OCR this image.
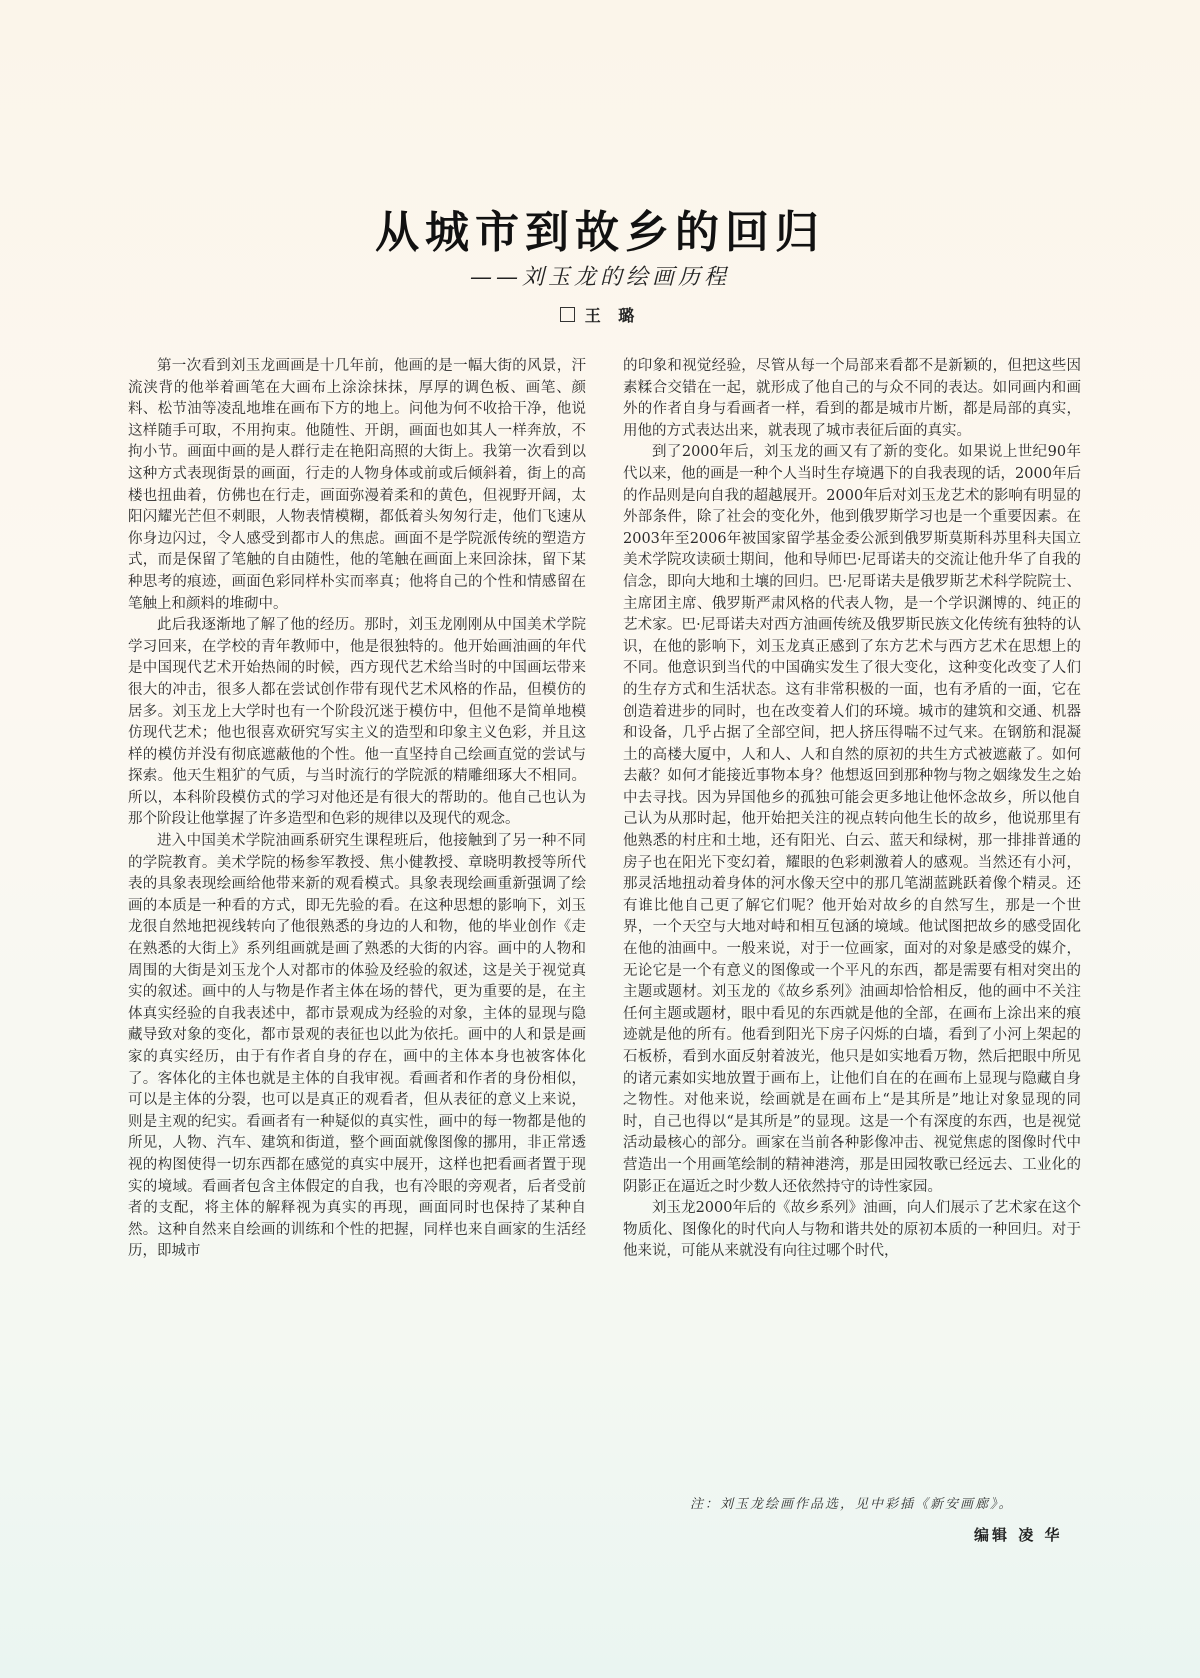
从城市到故乡的回归
——刘玉龙的绘画历程
王 璐

第一次看到刘玉龙画画是十几年前，他画的是一幅大街的风景，汗流浃背的他举着画笔在大画布上涂涂抹抹，厚厚的调色板、画笔、颜料、松节油等凌乱地堆在画布下方的地上。问他为何不收拾干净，他说这样随手可取，不用拘束。他随性、开朗，画面也如其人一样奔放，不拘小节。画面中画的是人群行走在艳阳高照的大街上。我第一次看到以这种方式表现街景的画面，行走的人物身体或前或后倾斜着，街上的高楼也扭曲着，仿佛也在行走，画面弥漫着柔和的黄色，但视野开阔，太阳闪耀光芒但不刺眼，人物表情模糊，都低着头匆匆行走，他们飞速从你身边闪过，令人感受到都市人的焦虑。画面不是学院派传统的塑造方式，而是保留了笔触的自由随性，他的笔触在画面上来回涂抹，留下某种思考的痕迹，画面色彩同样朴实而率真；他将自己的个性和情感留在笔触上和颜料的堆砌中。

此后我逐渐地了解了他的经历。那时，刘玉龙刚刚从中国美术学院学习回来，在学校的青年教师中，他是很独特的。他开始画油画的年代是中国现代艺术开始热闹的时候，西方现代艺术给当时的中国画坛带来很大的冲击，很多人都在尝试创作带有现代艺术风格的作品，但模仿的居多。刘玉龙上大学时也有一个阶段沉迷于模仿中，但他不是简单地模仿现代艺术；他也很喜欢研究写实主义的造型和印象主义色彩，并且这样的模仿并没有彻底遮蔽他的个性。他一直坚持自己绘画直觉的尝试与探索。他天生粗犷的气质，与当时流行的学院派的精雕细琢大不相同。所以，本科阶段模仿式的学习对他还是有很大的帮助的。他自己也认为那个阶段让他掌握了许多造型和色彩的规律以及现代的观念。

进入中国美术学院油画系研究生课程班后，他接触到了另一种不同的学院教育。美术学院的杨参军教授、焦小健教授、章晓明教授等所代表的具象表现绘画给他带来新的观看模式。具象表现绘画重新强调了绘画的本质是一种看的方式，即无先验的看。在这种思想的影响下，刘玉龙很自然地把视线转向了他很熟悉的身边的人和物，他的毕业创作《走在熟悉的大街上》系列组画就是画了熟悉的大街的内容。画中的人物和周围的大街是刘玉龙个人对都市的体验及经验的叙述，这是关于视觉真实的叙述。画中的人与物是作者主体在场的替代，更为重要的是，在主体真实经验的自我表述中，都市景观成为经验的对象，主体的显现与隐藏导致对象的变化，都市景观的表征也以此为依托。画中的人和景是画家的真实经历，由于有作者自身的存在，画中的主体本身也被客体化了。客体化的主体也就是主体的自我审视。看画者和作者的身份相似，可以是主体的分裂，也可以是真正的观看者，但从表征的意义上来说，则是主观的纪实。看画者有一种疑似的真实性，画中的每一物都是他的所见，人物、汽车、建筑和街道，整个画面就像图像的挪用，非正常透视的构图使得一切东西都在感觉的真实中展开，这样也把看画者置于现实的境域。看画者包含主体假定的自我，也有冷眼的旁观者，后者受前者的支配，将主体的解释视为真实的再现，画面同时也保持了某种自然。这种自然来自绘画的训练和个性的把握，同样也来自画家的生活经历，即城市

的印象和视觉经验，尽管从每一个局部来看都不是新颖的，但把这些因素糅合交错在一起，就形成了他自己的与众不同的表达。如同画内和画外的作者自身与看画者一样，看到的都是城市片断，都是局部的真实，用他的方式表达出来，就表现了城市表征后面的真实。

到了2000年后，刘玉龙的画又有了新的变化。如果说上世纪90年代以来，他的画是一种个人当时生存境遇下的自我表现的话，2000年后的作品则是向自我的超越展开。2000年后对刘玉龙艺术的影响有明显的外部条件，除了社会的变化外，他到俄罗斯学习也是一个重要因素。在2003年至2006年被国家留学基金委公派到俄罗斯莫斯科苏里科夫国立美术学院攻读硕士期间，他和导师巴·尼哥诺夫的交流让他升华了自我的信念，即向大地和土壤的回归。巴·尼哥诺夫是俄罗斯艺术科学院院士、主席团主席、俄罗斯严肃风格的代表人物，是一个学识渊博的、纯正的艺术家。巴·尼哥诺夫对西方油画传统及俄罗斯民族文化传统有独特的认识，在他的影响下，刘玉龙真正感到了东方艺术与西方艺术在思想上的不同。他意识到当代的中国确实发生了很大变化，这种变化改变了人们的生存方式和生活状态。这有非常积极的一面，也有矛盾的一面，它在创造着进步的同时，也在改变着人们的环境。城市的建筑和交通、机器和设备，几乎占据了全部空间，把人挤压得喘不过气来。在钢筋和混凝土的高楼大厦中，人和人、人和自然的原初的共生方式被遮蔽了。如何去蔽？如何才能接近事物本身？他想返回到那种物与物之姻缘发生之始中去寻找。因为异国他乡的孤独可能会更多地让他怀念故乡，所以他自己认为从那时起，他开始把关注的视点转向他生长的故乡，他说那里有他熟悉的村庄和土地，还有阳光、白云、蓝天和绿树，那一排排普通的房子也在阳光下变幻着，耀眼的色彩刺激着人的感观。当然还有小河，那灵活地扭动着身体的河水像天空中的那几笔湖蓝跳跃着像个精灵。还有谁比他自己更了解它们呢？他开始对故乡的自然写生，那是一个世界，一个天空与大地对峙和相互包涵的境域。他试图把故乡的感受固化在他的油画中。一般来说，对于一位画家，面对的对象是感受的媒介，无论它是一个有意义的图像或一个平凡的东西，都是需要有相对突出的主题或题材。刘玉龙的《故乡系列》油画却恰恰相反，他的画中不关注任何主题或题材，眼中看见的东西就是他的全部，在画布上涂出来的痕迹就是他的所有。他看到阳光下房子闪烁的白墙，看到了小河上架起的石板桥，看到水面反射着波光，他只是如实地看万物，然后把眼中所见的诸元素如实地放置于画布上，让他们自在的在画布上显现与隐藏自身之物性。对他来说，绘画就是在画布上“是其所是”地让对象显现的同时，自己也得以“是其所是”的显现。这是一个有深度的东西，也是视觉活动最核心的部分。画家在当前各种影像冲击、视觉焦虑的图像时代中营造出一个用画笔绘制的精神港湾，那是田园牧歌已经远去、工业化的阴影正在逼近之时少数人还依然持守的诗性家园。

刘玉龙2000年后的《故乡系列》油画，向人们展示了艺术家在这个物质化、图像化的时代向人与物和谐共处的原初本质的一种回归。对于他来说，可能从来就没有向往过哪个时代，

注：刘玉龙绘画作品选，见中彩插《新安画廊》。
编辑 凌 华
